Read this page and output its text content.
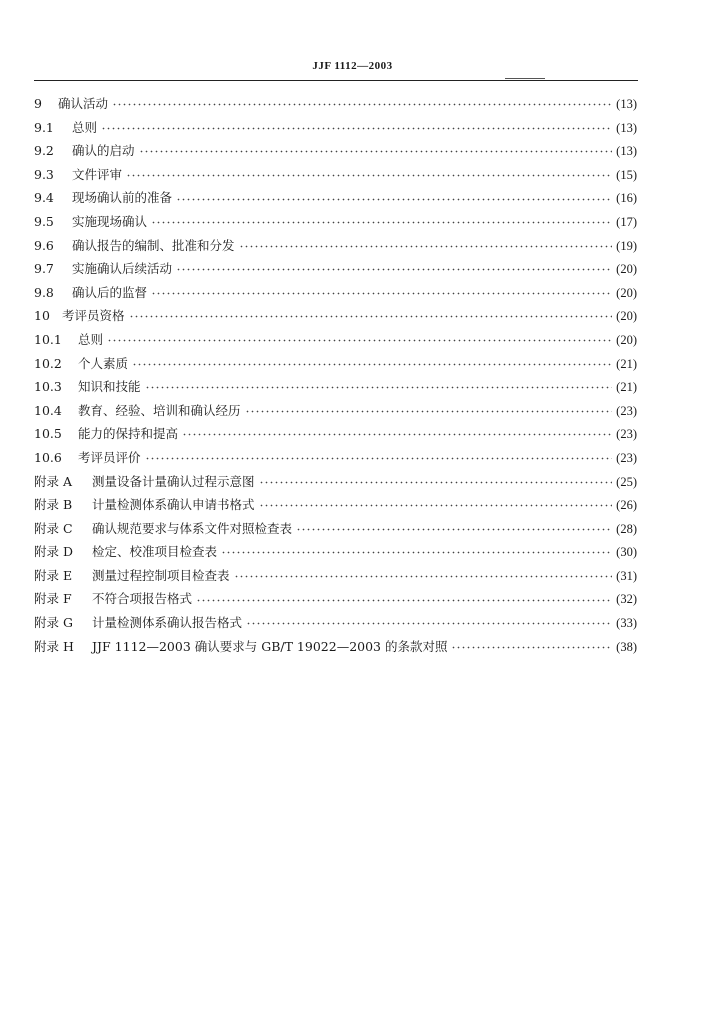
JJF 1112—2003
9	确认活动	(13)
9.1	总则	(13)
9.2	确认的启动	(13)
9.3	文件评审	(15)
9.4	现场确认前的准备	(16)
9.5	实施现场确认	(17)
9.6	确认报告的编制、批准和分发	(19)
9.7	实施确认后续活动	(20)
9.8	确认后的监督	(20)
10 考评员资格	(20)
10.1	总则	(20)
10.2	个人素质	(21)
10.3	知识和技能	(21)
10.4	教育、经验、培训和确认经历	(23)
10.5	能力的保持和提高	(23)
10.6	考评员评价	(23)
附录 A	测量设备计量确认过程示意图	(25)
附录 B	计量检测体系确认申请书格式	(26)
附录 C	确认规范要求与体系文件对照检查表	(28)
附录 D	检定、校准项目检查表	(30)
附录 E	测量过程控制项目检查表	(31)
附录 F	不符合项报告格式	(32)
附录 G	计量检测体系确认报告格式	(33)
附录 H	JJF 1112—2003 确认要求与 GB/T 19022—2003 的条款对照	(38)
